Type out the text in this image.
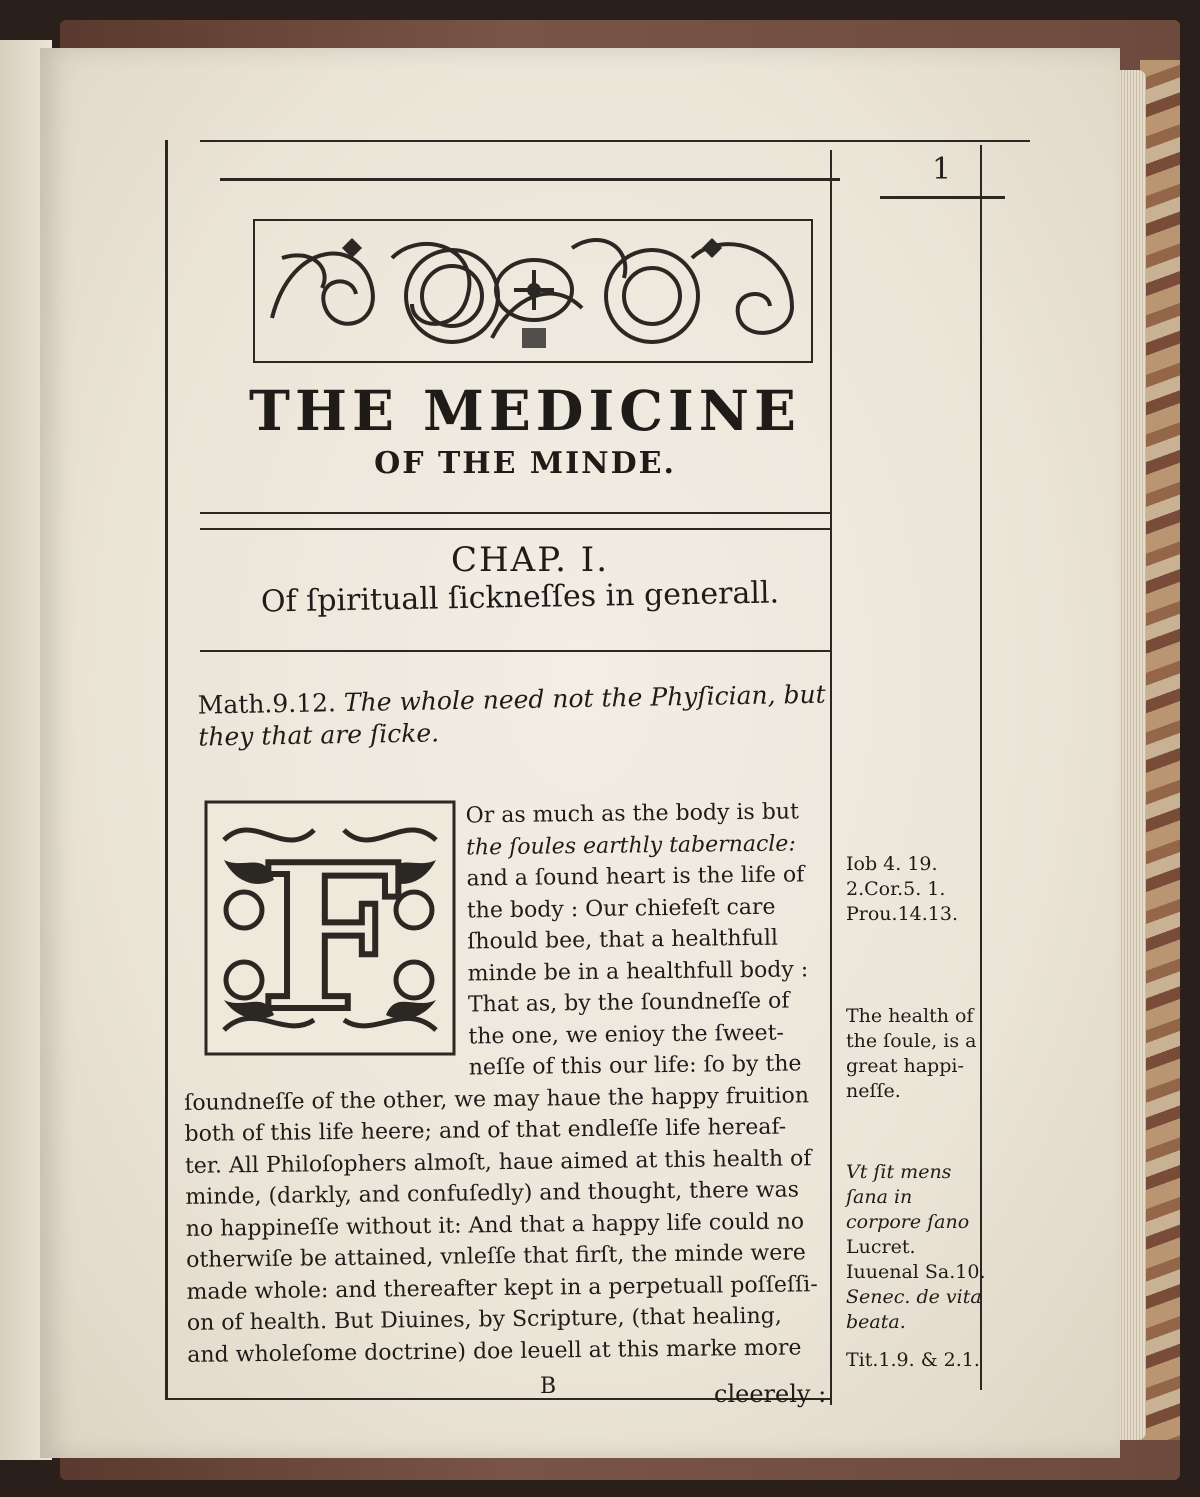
1
THE MEDICINE
OF THE MINDE.
CHAP. I.
Of ſpirituall ſickneſſes in generall.
Math.9.12. The whole need not the Phyſician, but they that are ſicke.
F
Or as much as the body is but
the ſoules earthly tabernacle:
and a ſound heart is the life of
the body : Our chiefeſt care
ſhould bee, that a healthfull
minde be in a healthfull body :
That as, by the ſoundneſſe of
the one, we enioy the ſweet-
neſſe of this our life: ſo by the
ſoundneſſe of the other, we may haue the happy fruition
both of this life heere; and of that endleſſe life hereaf-
ter. All Philoſophers almoſt, haue aimed at this health of
minde, (darkly, and confuſedly) and thought, there was
no happineſſe without it: And that a happy life could no
otherwiſe be attained, vnleſſe that firſt, the minde were
made whole: and thereafter kept in a perpetuall poſſeſſi-
on of health. But Diuines, by Scripture, (that healing,
and wholeſome doctrine) doe leuell at this marke more
B	cleerely :
Iob 4. 19.
2.Cor.5. 1.
Prou.14.13.
The health of the ſoule, is a great happi-neſſe.
Vt ſit mens ſana in corpore ſano
Lucret.
Iuuenal Sa.10.
Senec. de vita beata.
Tit.1.9. & 2.1.
